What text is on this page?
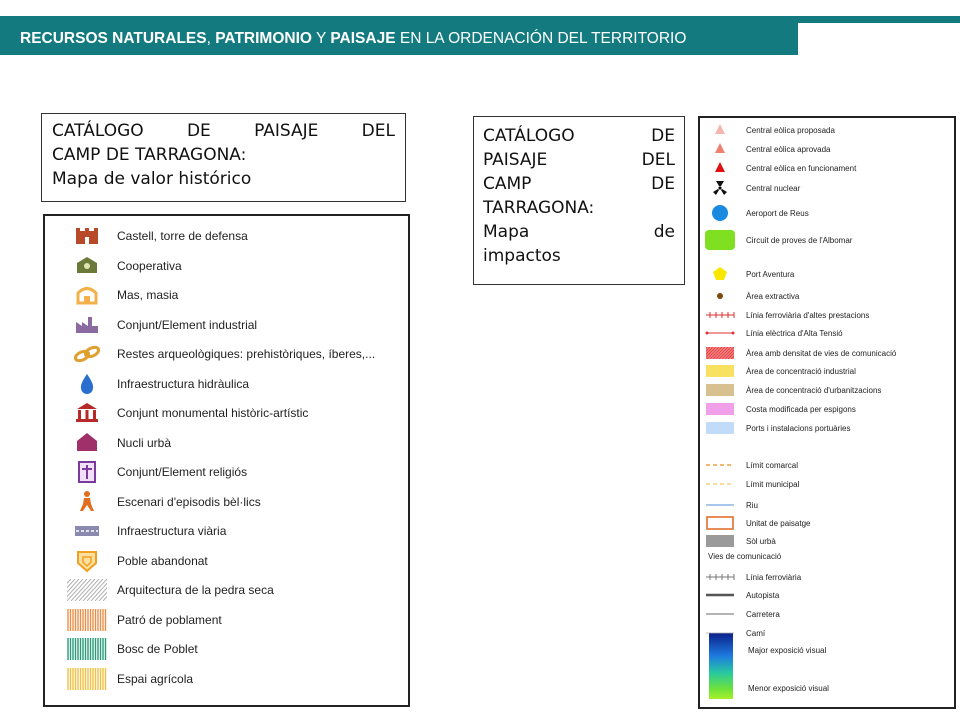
RECURSOS NATURALES, PATRIMONIO Y PAISAJE EN LA ORDENACIÓN DEL TERRITORIO
CATÁLOGO DE PAISAJE DEL
CAMP DE TARRAGONA:
Mapa de valor histórico
CATÁLOGO DE
PAISAJE DEL
CAMP DE
TARRAGONA:
Mapa de
impactos
Castell, torre de defensa
Cooperativa
Mas, masia
Conjunt/Element industrial
Restes arqueològiques: prehistòriques, íberes,...
Infraestructura hidràulica
Conjunt monumental històric-artístic
Nucli urbà
Conjunt/Element religiós
Escenari d'episodis bèl·lics
Infraestructura viària
Poble abandonat
Arquitectura de la pedra seca
Patró de poblament
Bosc de Poblet
Espai agrícola
Major exposició visual
Menor exposició visual
Central eòlica proposada
Central eòlica aprovada
Central eòlica en funcionament
Central nuclear
Aeroport de Reus
Circuit de proves de l'Albomar
Port Aventura
Àrea extractiva
Línia ferroviària d'altes prestacions
Línia elèctrica d'Alta Tensió
Àrea amb densitat de vies de comunicació
Àrea de concentració industrial
Àrea de concentració d'urbanitzacions
Costa modificada per espigons
Ports i instalacions portuàries
Límit comarcal
Límit municipal
Riu
Unitat de paisatge
Sòl urbà
Vies de comunicació
Línia ferroviària
Autopista
Carretera
Camí
